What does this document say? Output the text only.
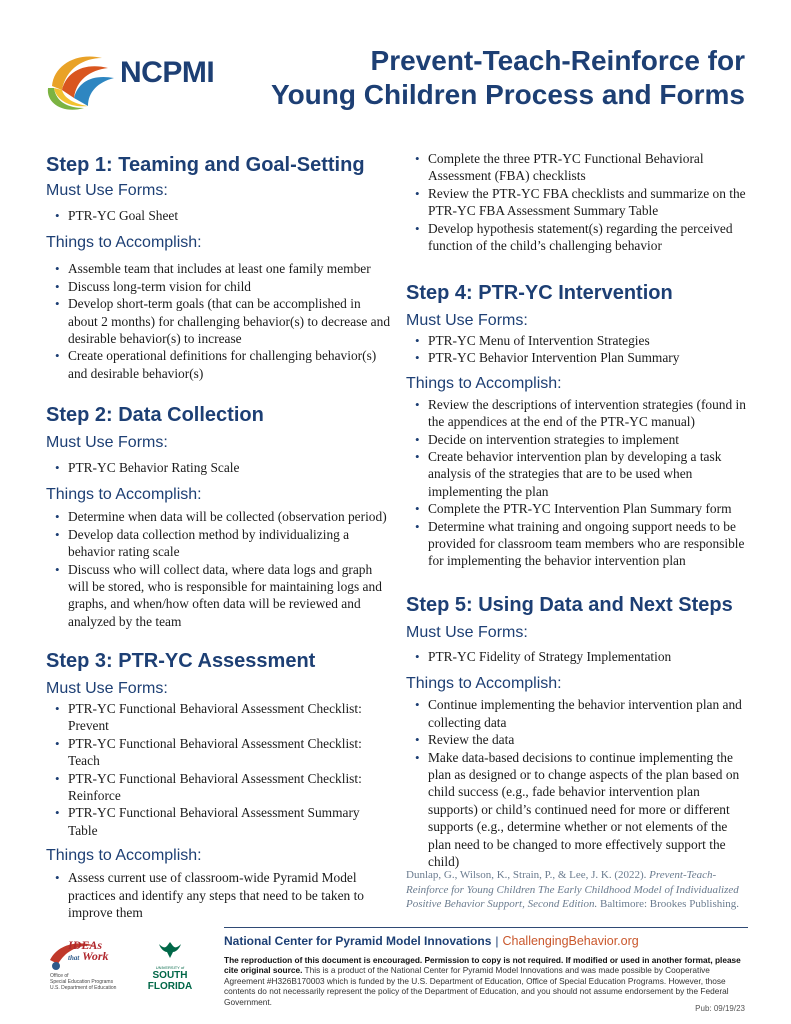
NCPMI	Prevent-Teach-Reinforce for
Young Children Process and Forms
Step 1: Teaming and Goal-Setting
Must Use Forms:
• PTR-YC Goal Sheet
Things to Accomplish:
• Assemble team that includes at least one family member
• Discuss long-term vision for child
• Develop short-term goals (that can be accomplished in about 2 months) for challenging behavior(s) to decrease and desirable behavior(s) to increase
• Create operational definitions for challenging behavior(s) and desirable behavior(s)
Step 2: Data Collection
Must Use Forms:
• PTR-YC Behavior Rating Scale
Things to Accomplish:
• Determine when data will be collected (observation period)
• Develop data collection method by individualizing a behavior rating scale
• Discuss who will collect data, where data logs and graph will be stored, who is responsible for maintaining logs and graphs, and when/how often data will be reviewed and analyzed by the team
Step 3: PTR-YC Assessment
Must Use Forms:
• PTR-YC Functional Behavioral Assessment Checklist: Prevent
• PTR-YC Functional Behavioral Assessment Checklist: Teach
• PTR-YC Functional Behavioral Assessment Checklist: Reinforce
• PTR-YC Functional Behavioral Assessment Summary Table
Things to Accomplish:
• Assess current use of classroom-wide Pyramid Model practices and identify any steps that need to be taken to improve them
• Complete the three PTR-YC Functional Behavioral Assessment (FBA) checklists
• Review the PTR-YC FBA checklists and summarize on the PTR-YC FBA Assessment Summary Table
• Develop hypothesis statement(s) regarding the perceived function of the child’s challenging behavior
Step 4: PTR-YC Intervention
Must Use Forms:
• PTR-YC Menu of Intervention Strategies
• PTR-YC Behavior Intervention Plan Summary
Things to Accomplish:
• Review the descriptions of intervention strategies (found in the appendices at the end of the PTR-YC manual)
• Decide on intervention strategies to implement
• Create behavior intervention plan by developing a task analysis of the strategies that are to be used when implementing the plan
• Complete the PTR-YC Intervention Plan Summary form
• Determine what training and ongoing support needs to be provided for classroom team members who are responsible for implementing the behavior intervention plan
Step 5: Using Data and Next Steps
Must Use Forms:
• PTR-YC Fidelity of Strategy Implementation
Things to Accomplish:
• Continue implementing the behavior intervention plan and collecting data
• Review the data
• Make data-based decisions to continue implementing the plan as designed or to change aspects of the plan based on child success (e.g., fade behavior intervention plan supports) or child’s continued need for more or different supports (e.g., determine whether or not elements of the plan need to be changed to more effectively support the child)
Dunlap, G., Wilson, K., Strain, P., & Lee, J. K. (2022). Prevent-Teach-Reinforce for Young Children The Early Childhood Model of Individualized Positive Behavior Support, Second Edition. Baltimore: Brookes Publishing.
IDEAs
that Work
Office of
Special Education Programs
U.S. Department of Education
UNIVERSITY of
SOUTH
FLORIDA
National Center for Pyramid Model Innovations | ChallengingBehavior.org
The reproduction of this document is encouraged. Permission to copy is not required. If modified or used in another format, please cite original source. This is a product of the National Center for Pyramid Model Innovations and was made possible by Cooperative Agreement #H326B170003 which is funded by the U.S. Department of Education, Office of Special Education Programs. However, those contents do not necessarily represent the policy of the Department of Education, and you should not assume endorsement by the Federal Government.
Pub: 09/19/23
